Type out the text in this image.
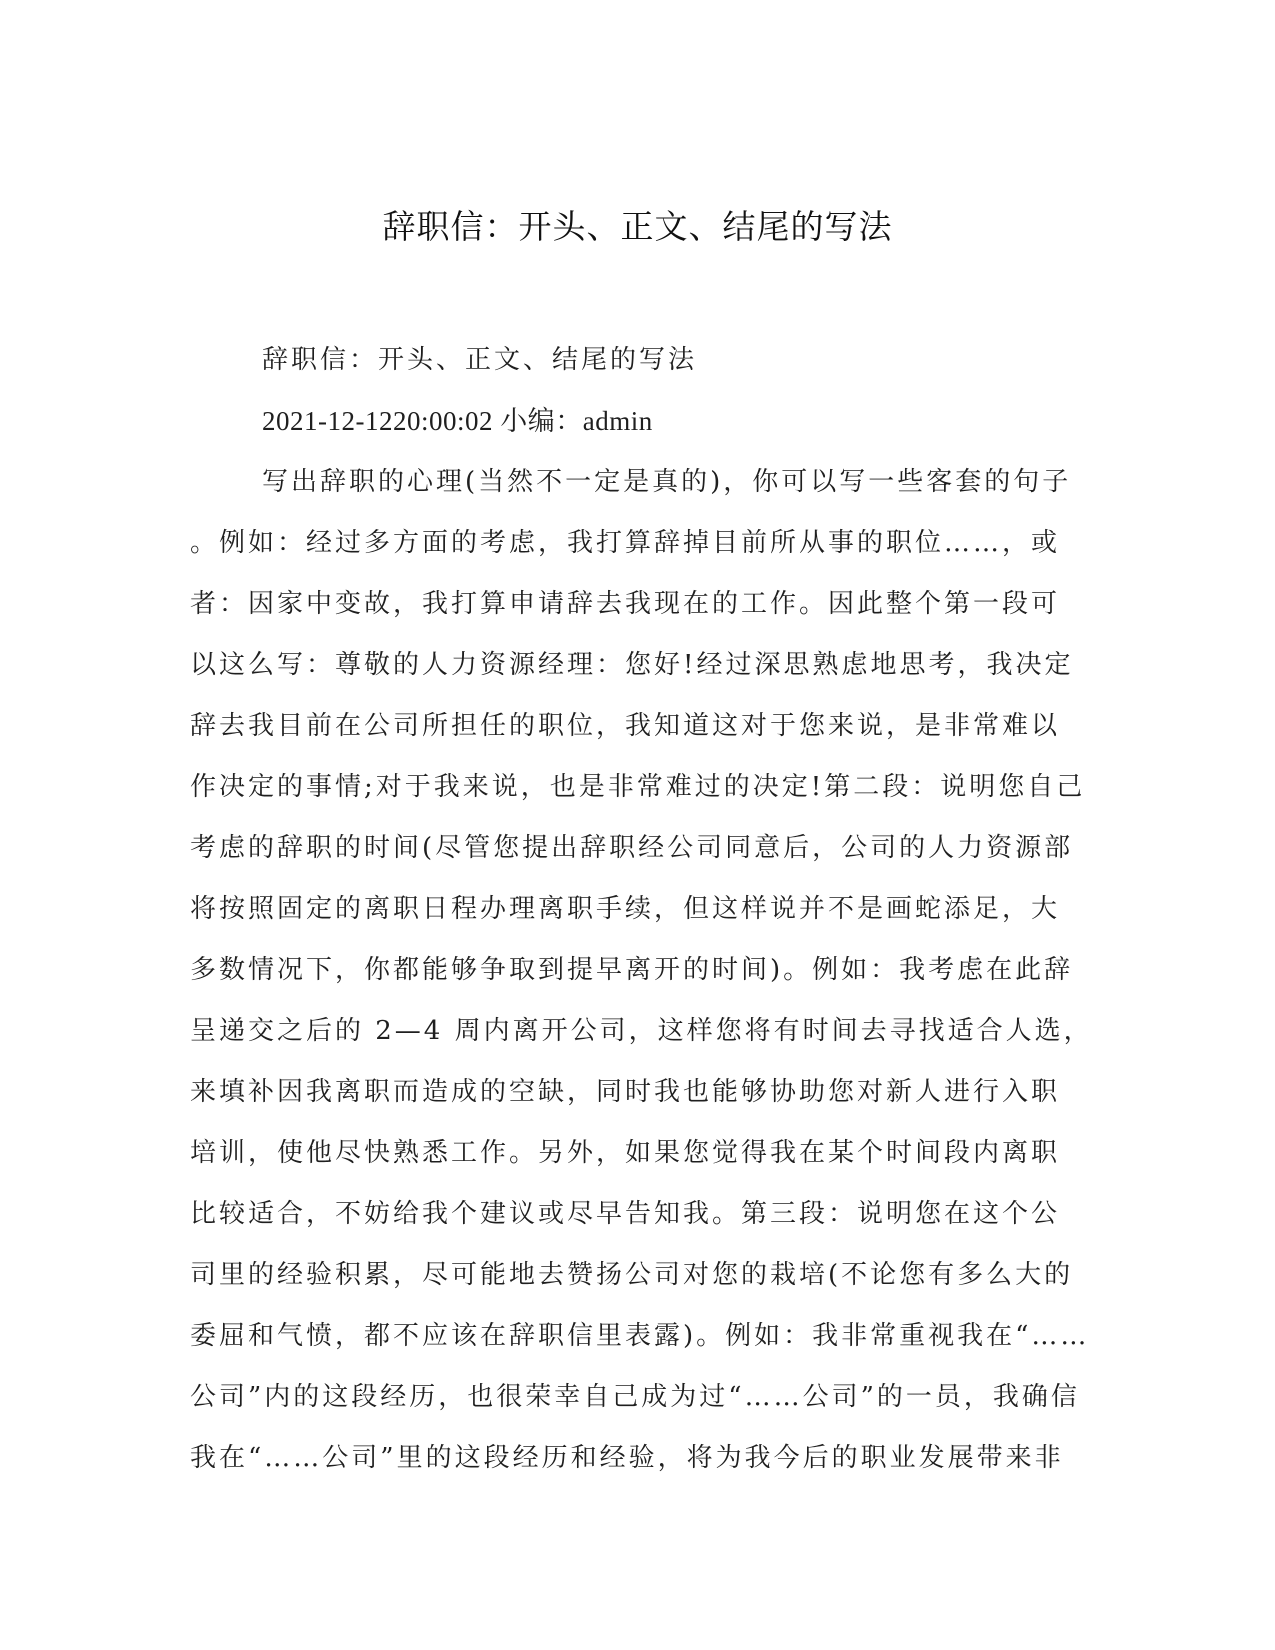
辞职信：开头、正文、结尾的写法
辞职信：开头、正文、结尾的写法
2021-12-1220:00:02 小编：admin
写出辞职的心理(当然不一定是真的)，你可以写一些客套的句子
。例如：经过多方面的考虑，我打算辞掉目前所从事的职位……，或
者：因家中变故，我打算申请辞去我现在的工作。因此整个第一段可
以这么写：尊敬的人力资源经理：您好!经过深思熟虑地思考，我决定
辞去我目前在公司所担任的职位，我知道这对于您来说，是非常难以
作决定的事情;对于我来说，也是非常难过的决定!第二段：说明您自己
考虑的辞职的时间(尽管您提出辞职经公司同意后，公司的人力资源部
将按照固定的离职日程办理离职手续，但这样说并不是画蛇添足，大
多数情况下，你都能够争取到提早离开的时间)。例如：我考虑在此辞
呈递交之后的 2—4 周内离开公司，这样您将有时间去寻找适合人选，
来填补因我离职而造成的空缺，同时我也能够协助您对新人进行入职
培训，使他尽快熟悉工作。另外，如果您觉得我在某个时间段内离职
比较适合，不妨给我个建议或尽早告知我。第三段：说明您在这个公
司里的经验积累，尽可能地去赞扬公司对您的栽培(不论您有多么大的
委屈和气愤，都不应该在辞职信里表露)。例如：我非常重视我在“……
公司”内的这段经历，也很荣幸自己成为过“……公司”的一员，我确信
我在“……公司”里的这段经历和经验，将为我今后的职业发展带来非
